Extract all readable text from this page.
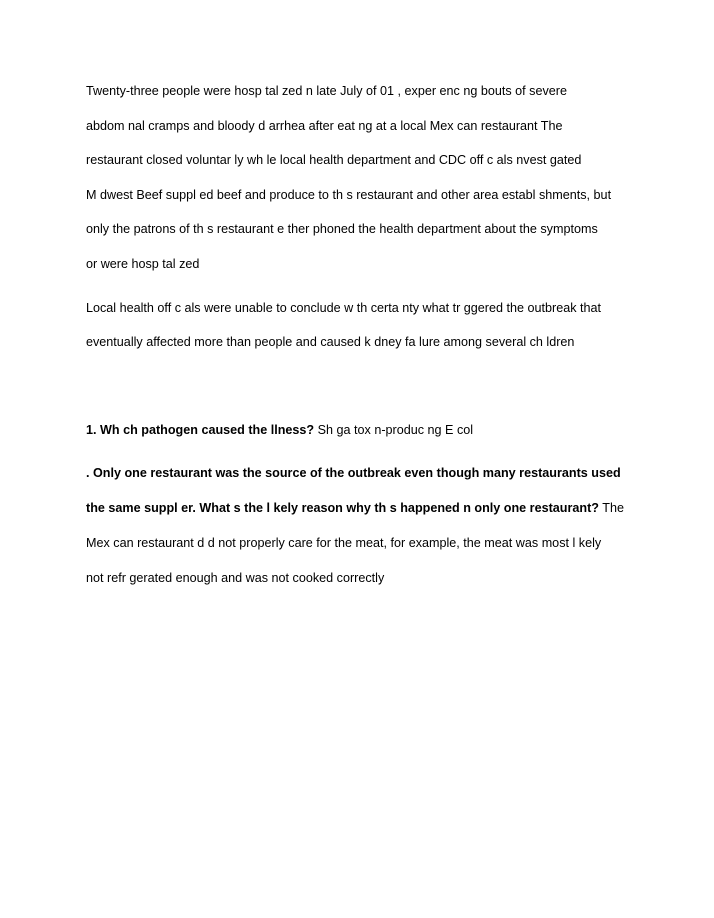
Twenty-three people were hosp tal zed n late July of 01 , exper enc ng bouts of severe
abdom nal cramps and bloody d arrhea after eat ng at a local Mex can restaurant The
restaurant closed voluntar ly wh le local health department and CDC off c als nvest gated
M dwest Beef suppl ed beef and produce to th s restaurant and other area establ shments, but
only the patrons of th s restaurant e ther phoned the health department about the symptoms
or were hosp tal zed
Local health off c als were unable to conclude w th certa nty what tr ggered the outbreak that
eventually affected more than people and caused k dney fa lure among several ch ldren
1. Wh ch pathogen caused the llness? Sh ga tox n-produc ng E col
. Only one restaurant was the source of the outbreak even though many restaurants used
the same suppl er. What s the l kely reason why th s happened n only one restaurant? The
Mex can restaurant d d not properly care for the meat, for example, the meat was most l kely
not refr gerated enough and was not cooked correctly
